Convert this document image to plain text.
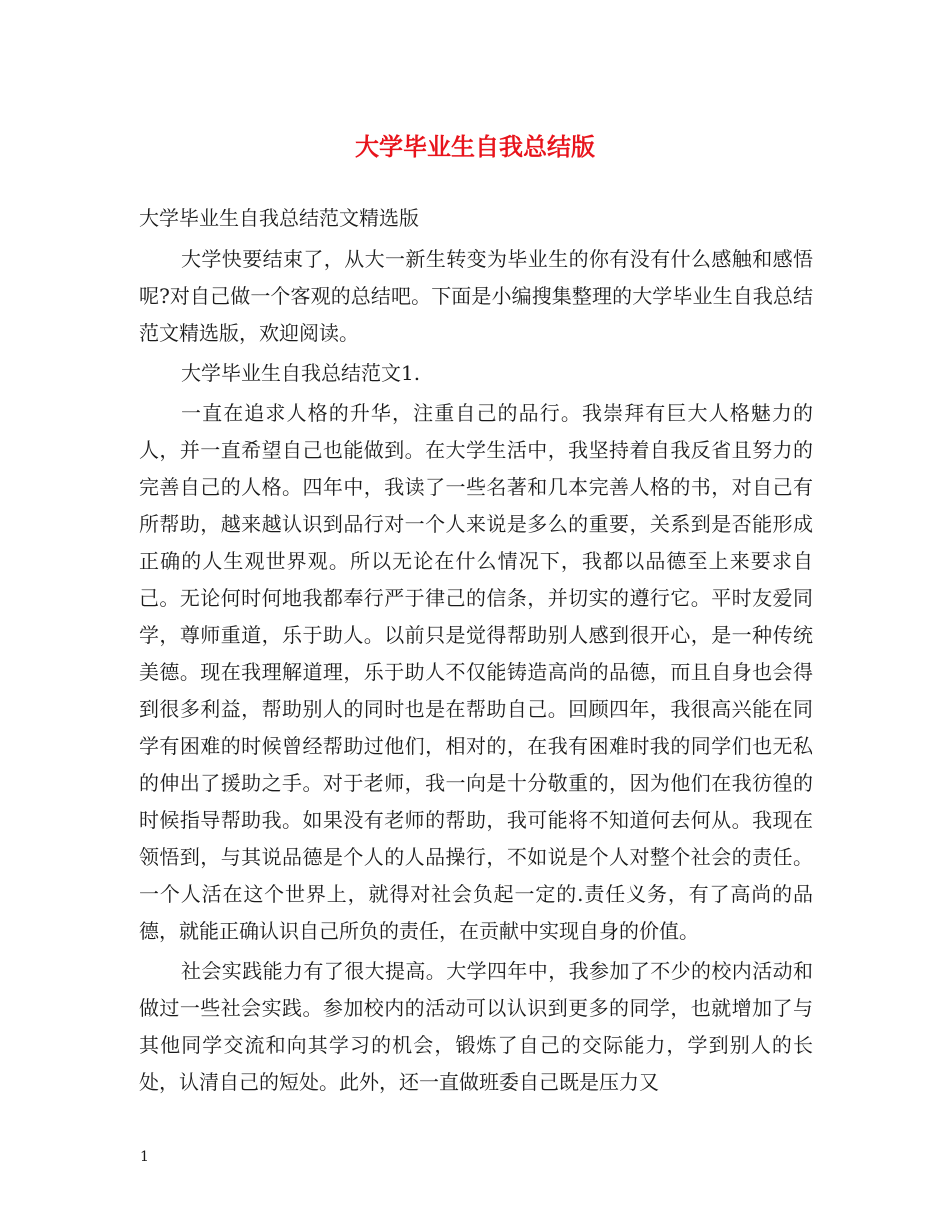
大学毕业生自我总结版

大学毕业生自我总结范文精选版

大学快要结束了，从大一新生转变为毕业生的你有没有什么感触和感悟呢?对自己做一个客观的总结吧。下面是小编搜集整理的大学毕业生自我总结范文精选版，欢迎阅读。

大学毕业生自我总结范文1.

一直在追求人格的升华，注重自己的品行。我崇拜有巨大人格魅力的人，并一直希望自己也能做到。在大学生活中，我坚持着自我反省且努力的完善自己的人格。四年中，我读了一些名著和几本完善人格的书，对自己有所帮助，越来越认识到品行对一个人来说是多么的重要，关系到是否能形成正确的人生观世界观。所以无论在什么情况下，我都以品德至上来要求自己。无论何时何地我都奉行严于律己的信条，并切实的遵行它。平时友爱同学，尊师重道，乐于助人。以前只是觉得帮助别人感到很开心，是一种传统美德。现在我理解道理，乐于助人不仅能铸造高尚的品德，而且自身也会得到很多利益，帮助别人的同时也是在帮助自己。回顾四年，我很高兴能在同学有困难的时候曾经帮助过他们，相对的，在我有困难时我的同学们也无私的伸出了援助之手。对于老师，我一向是十分敬重的，因为他们在我彷徨的时候指导帮助我。如果没有老师的帮助，我可能将不知道何去何从。我现在领悟到，与其说品德是个人的人品操行，不如说是个人对整个社会的责任。一个人活在这个世界上，就得对社会负起一定的.责任义务，有了高尚的品德，就能正确认识自己所负的责任，在贡献中实现自身的价值。

社会实践能力有了很大提高。大学四年中，我参加了不少的校内活动和做过一些社会实践。参加校内的活动可以认识到更多的同学，也就增加了与其他同学交流和向其学习的机会，锻炼了自己的交际能力，学到别人的长处，认清自己的短处。此外，还一直做班委自己既是压力又

1
